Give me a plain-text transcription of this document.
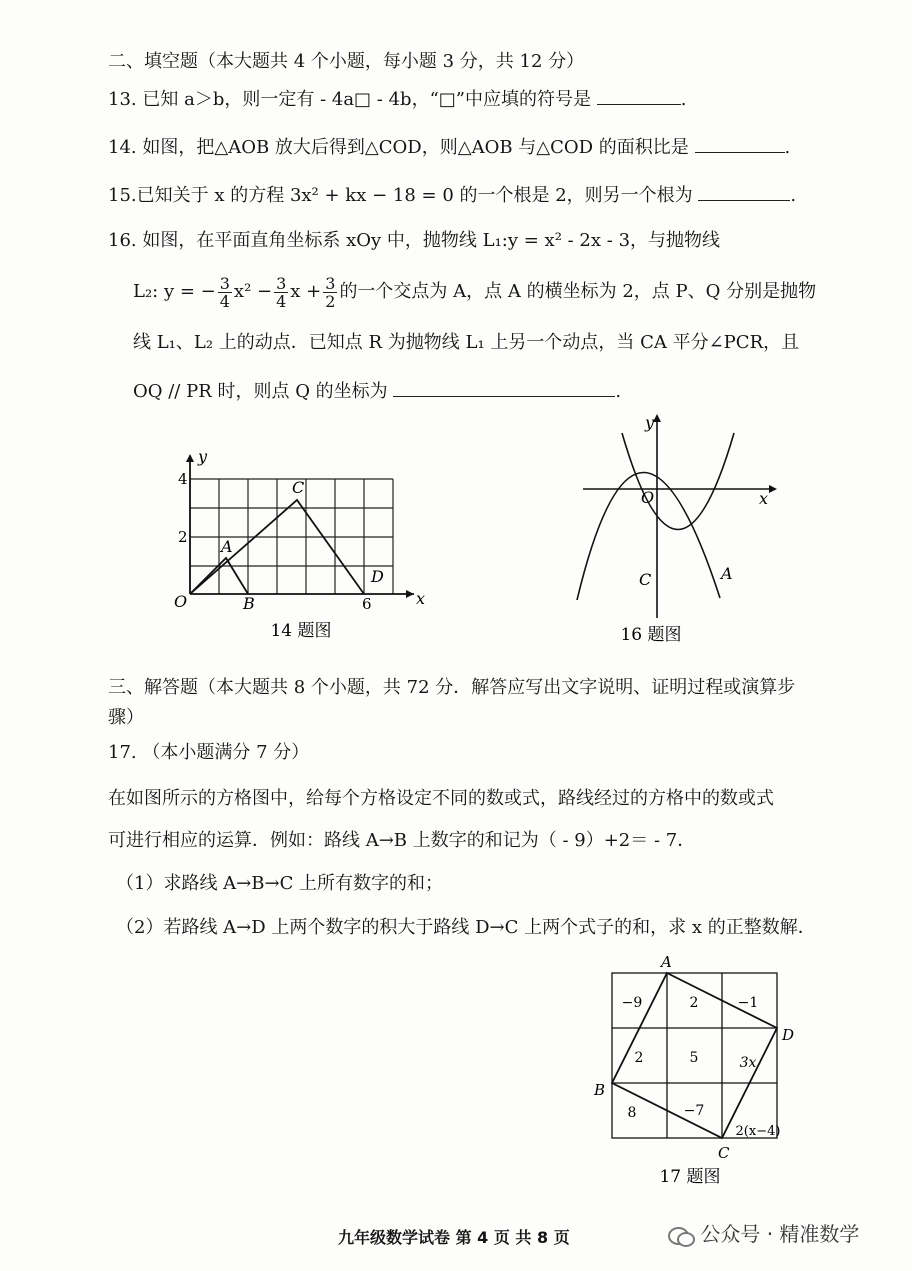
二、填空题（本大题共 4 个小题，每小题 3 分，共 12 分）
13. 已知 a＞b，则一定有 - 4a□ - 4b，“□”中应填的符号是	.
14. 如图，把△AOB 放大后得到△COD，则△AOB 与△COD 的面积比是	.
15.已知关于 x 的方程 3x² + kx − 18 = 0 的一个根是 2，则另一个根为	.
16. 如图，在平面直角坐标系 xOy 中，抛物线 L₁:y = x² - 2x - 3，与抛物线
L₂: y = − $\frac{3}{4} x^2 - \frac{3}{4}$ $x + \frac{3}{2}$ 的一个交点为 A，点 A 的横坐标为 2，点 P、Q 分别是抛物
线 L₁、L₂ 上的动点．已知点 R 为抛物线 L₁ 上另一个动点，当 CA 平分∠PCR，且
OQ // PR 时，则点 Q 的坐标为	.
y
x
O	B
A
C
D
2
4
6
14 题图
y
x
O
C	A
16 题图
三、解答题（本大题共 8 个小题，共 72 分．解答应写出文字说明、证明过程或演算步
骤）
17. （本小题满分 7 分）
在如图所示的方格图中，给每个方格设定不同的数或式，路线经过的方格中的数或式
可进行相应的运算．例如：路线 A→B 上数字的和记为（ - 9）+2＝ - 7．
（1）求路线 A→B→C 上所有数字的和；
（2）若路线 A→D 上两个数字的积大于路线 D→C 上两个式子的和，求 x 的正整数解．
−9	2	−1
2	5	3x
8	−7
2(x−4)
A
D
B
C
17 题图
九年级数学试卷 第 4 页 共 8 页	公众号 · 精准数学
